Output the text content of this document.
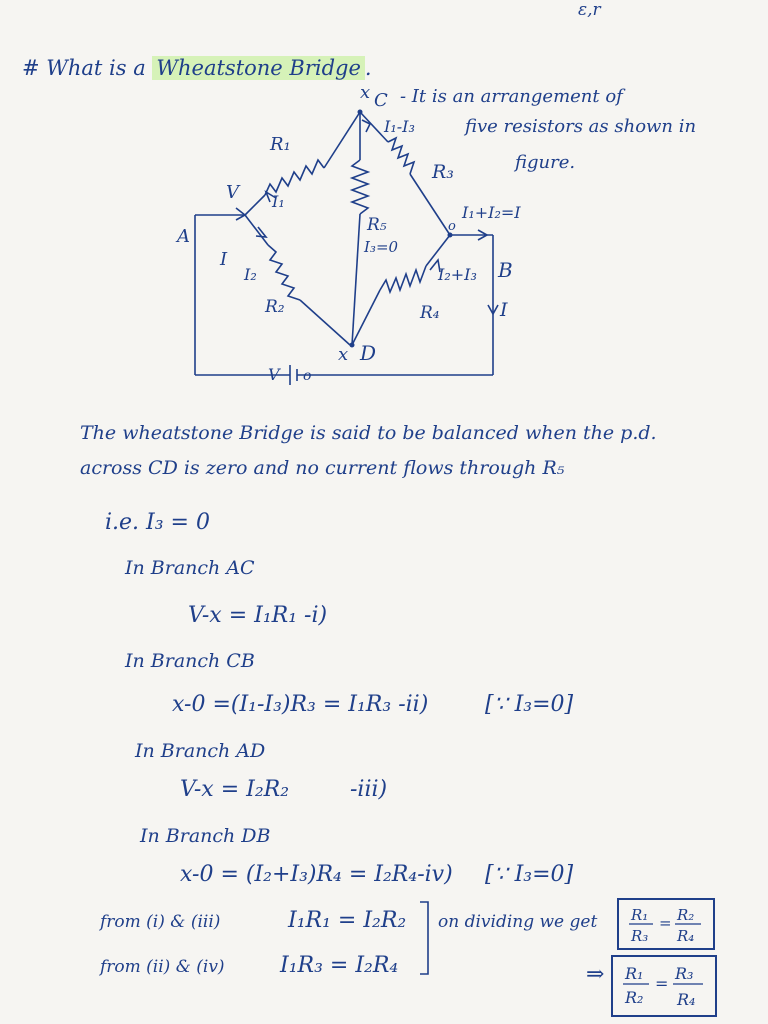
ε,r
# What is a Wheatstone Bridge .
- It is an arrangement of
five resistors as shown in
figure.
A
B
C
D
x
x
R₁
R₂
R₃
R₄
R₅
V
V o
o
I
I₁
I₂
I₁-I₃
I₃=0
I₂+I₃
I₁+I₂=I
I
The wheatstone Bridge is said to be balanced when the p.d.
across CD is zero and no current flows through R₅
i.e. I₃ = 0
In Branch AC
V-x = I₁R₁ -i)
In Branch CB
x-0 =(I₁-I₃)R₃ = I₁R₃ -ii)	[∵ I₃=0]
In Branch AD
V-x = I₂R₂	-iii)
In Branch DB
x-0 = (I₂+I₃)R₄ = I₂R₄-iv) [∵ I₃=0]
from (i) & (iii)	I₁R₁ = I₂R₂
from (ii) & (iv)	I₁R₃ = I₂R₄
on dividing we get R₁
R₃
= R₂
R₄
⇒ R₁
R₂
=
R₃
R₄
